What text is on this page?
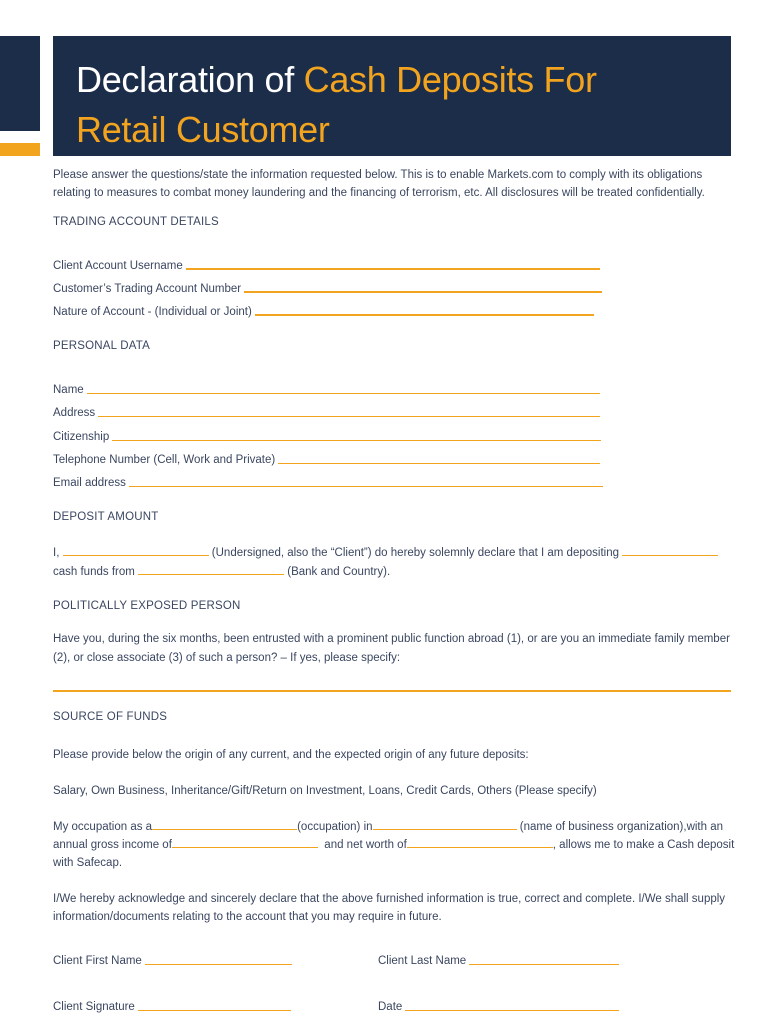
Declaration of Cash Deposits For
Retail Customer
Please answer the questions/state the information requested below. This is to enable Markets.com to comply with its obligations
relating to measures to combat money laundering and the financing of terrorism, etc. All disclosures will be treated confidentially.
TRADING ACCOUNT DETAILS
Client Account Username
Customer’s Trading Account Number
Nature of Account - (Individual or Joint)
PERSONAL DATA
Name
Address
Citizenship
Telephone Number (Cell, Work and Private)
Email address
DEPOSIT AMOUNT
I,	(Undersigned, also the “Client”) do hereby solemnly declare that I am depositing
cash funds from	(Bank and Country).
POLITICALLY EXPOSED PERSON
Have you, during the six months, been entrusted with a prominent public function abroad (1), or are you an immediate family member
(2), or close associate (3) of such a person? – If yes, please specify:
SOURCE OF FUNDS
Please provide below the origin of any current, and the expected origin of any future deposits:
Salary, Own Business, Inheritance/Gift/Return on Investment, Loans, Credit Cards, Others (Please specify)
My occupation as a	(occupation) in	(name of business organization),with an
annual gross income of	and net worth of	, allows me to make a Cash deposit
with Safecap.
I/We hereby acknowledge and sincerely declare that the above furnished information is true, correct and complete. I/We shall supply
information/documents relating to the account that you may require in future.
Client First Name	Client Last Name
Client Signature	Date
